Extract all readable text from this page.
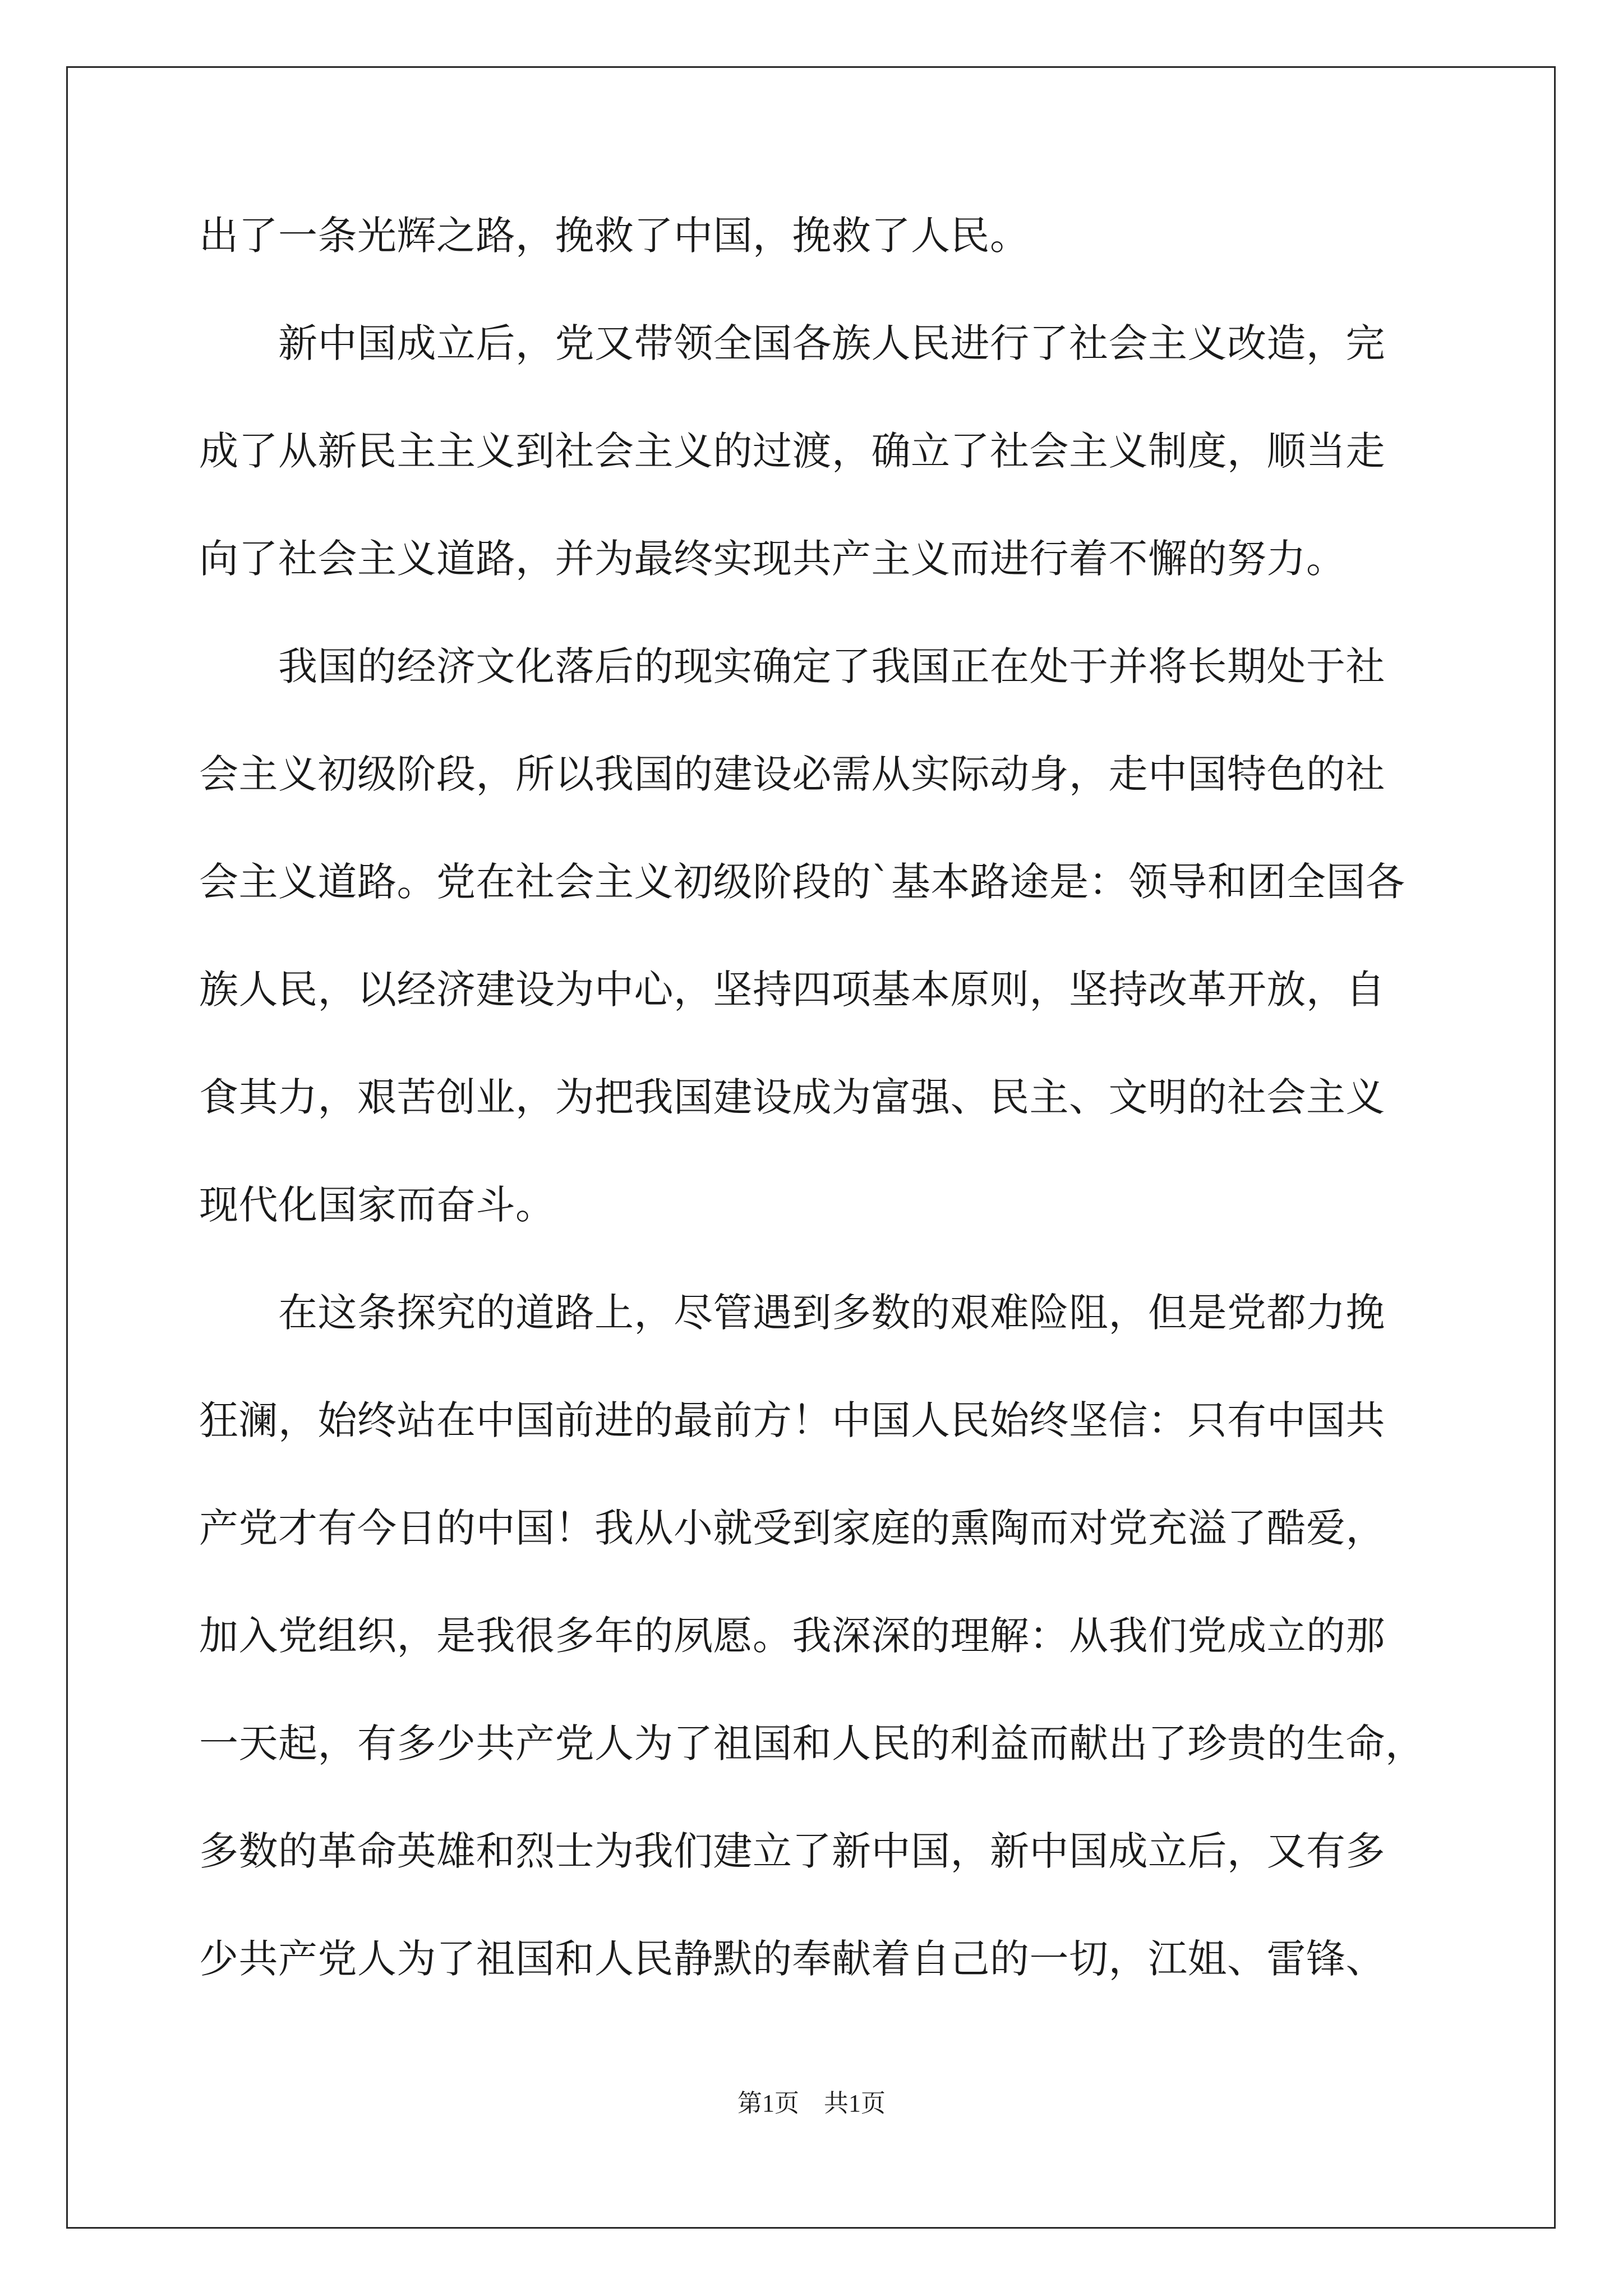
出了一条光辉之路，挽救了中国，挽救了人民。
　　新中国成立后，党又带领全国各族人民进行了社会主义改造，完
成了从新民主主义到社会主义的过渡，确立了社会主义制度，顺当走
向了社会主义道路，并为最终实现共产主义而进行着不懈的努力。
　　我国的经济文化落后的现实确定了我国正在处于并将长期处于社
会主义初级阶段，所以我国的建设必需从实际动身，走中国特色的社
会主义道路。党在社会主义初级阶段的`基本路途是：领导和团全国各
族人民，以经济建设为中心，坚持四项基本原则，坚持改革开放，自
食其力，艰苦创业，为把我国建设成为富强、民主、文明的社会主义
现代化国家而奋斗。
　　在这条探究的道路上，尽管遇到多数的艰难险阻，但是党都力挽
狂澜，始终站在中国前进的最前方！中国人民始终坚信：只有中国共
产党才有今日的中国！我从小就受到家庭的熏陶而对党充溢了酷爱，
加入党组织，是我很多年的夙愿。我深深的理解：从我们党成立的那
一天起，有多少共产党人为了祖国和人民的利益而献出了珍贵的生命，
多数的革命英雄和烈士为我们建立了新中国，新中国成立后，又有多
少共产党人为了祖国和人民静默的奉献着自己的一切，江姐、雷锋、
第1页　共1页
